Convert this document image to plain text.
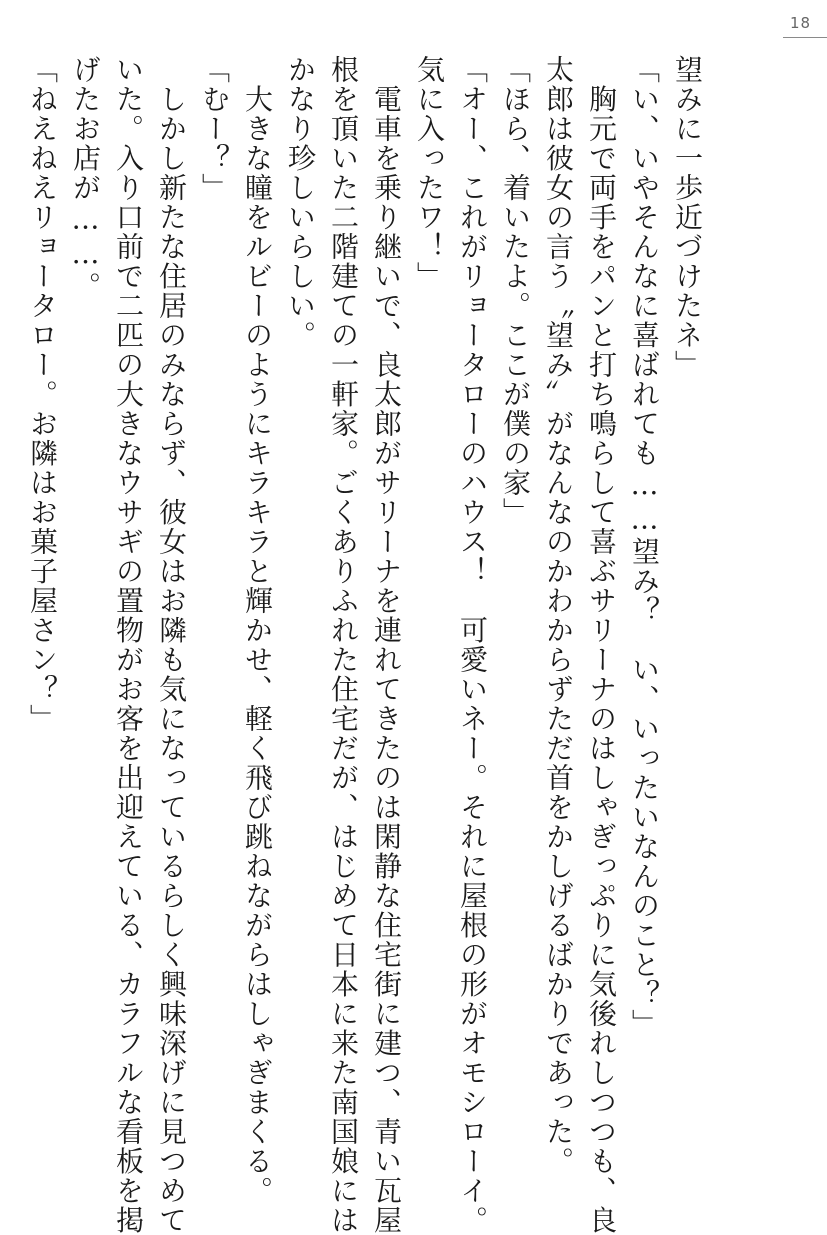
18
望みに一歩近づけたネ」
「い、いやそんなに喜ばれても……望み？　い、いったいなんのこと？」
　胸元で両手をパンと打ち鳴らして喜ぶサリーナのはしゃぎっぷりに気後れしつつも、良
太郎は彼女の言う〝望み〟がなんなのかわからずただ首をかしげるばかりであった。
「ほら、着いたよ。ここが僕の家」
「オー、これがリョータローのハウス！　可愛いネー。それに屋根の形がオモシローイ。
気に入ったワ！」
　電車を乗り継いで、良太郎がサリーナを連れてきたのは閑静な住宅街に建つ、青い瓦屋
根を頂いた二階建ての一軒家。ごくありふれた住宅だが、はじめて日本に来た南国娘には
かなり珍しいらしい。
　大きな瞳をルビーのようにキラキラと輝かせ、軽く飛び跳ねながらはしゃぎまくる。
「むー？」
　しかし新たな住居のみならず、彼女はお隣も気になっているらしく興味深げに見つめて
いた。入り口前で二匹の大きなウサギの置物がお客を出迎えている、カラフルな看板を掲
げたお店が……。
「ねえねえリョータロー。お隣はお菓子屋さン？」
